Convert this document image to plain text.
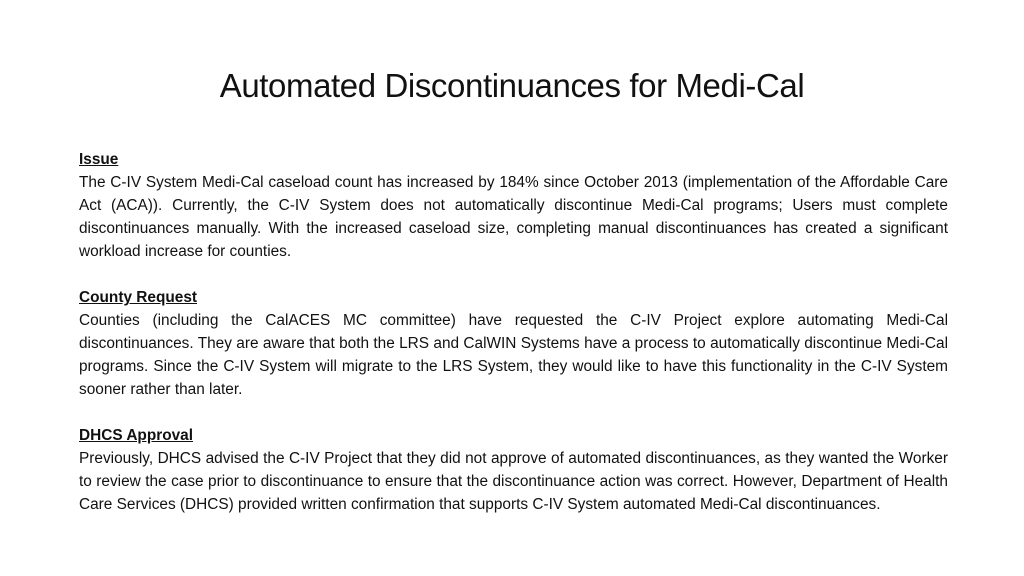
Automated Discontinuances for Medi-Cal
Issue

The C-IV System Medi-Cal caseload count has increased by 184% since October 2013 (implementation of the Affordable Care Act (ACA)). Currently, the C-IV System does not automatically discontinue Medi-Cal programs; Users must complete discontinuances manually. With the increased caseload size, completing manual discontinuances has created a significant workload increase for counties.

County Request

Counties (including the CalACES MC committee) have requested the C-IV Project explore automating Medi-Cal discontinuances. They are aware that both the LRS and CalWIN Systems have a process to automatically discontinue Medi-Cal programs. Since the C-IV System will migrate to the LRS System, they would like to have this functionality in the C-IV System sooner rather than later.

DHCS Approval

Previously, DHCS advised the C-IV Project that they did not approve of automated discontinuances, as they wanted the Worker to review the case prior to discontinuance to ensure that the discontinuance action was correct. However, Department of Health Care Services (DHCS) provided written confirmation that supports C-IV System automated Medi-Cal discontinuances.
